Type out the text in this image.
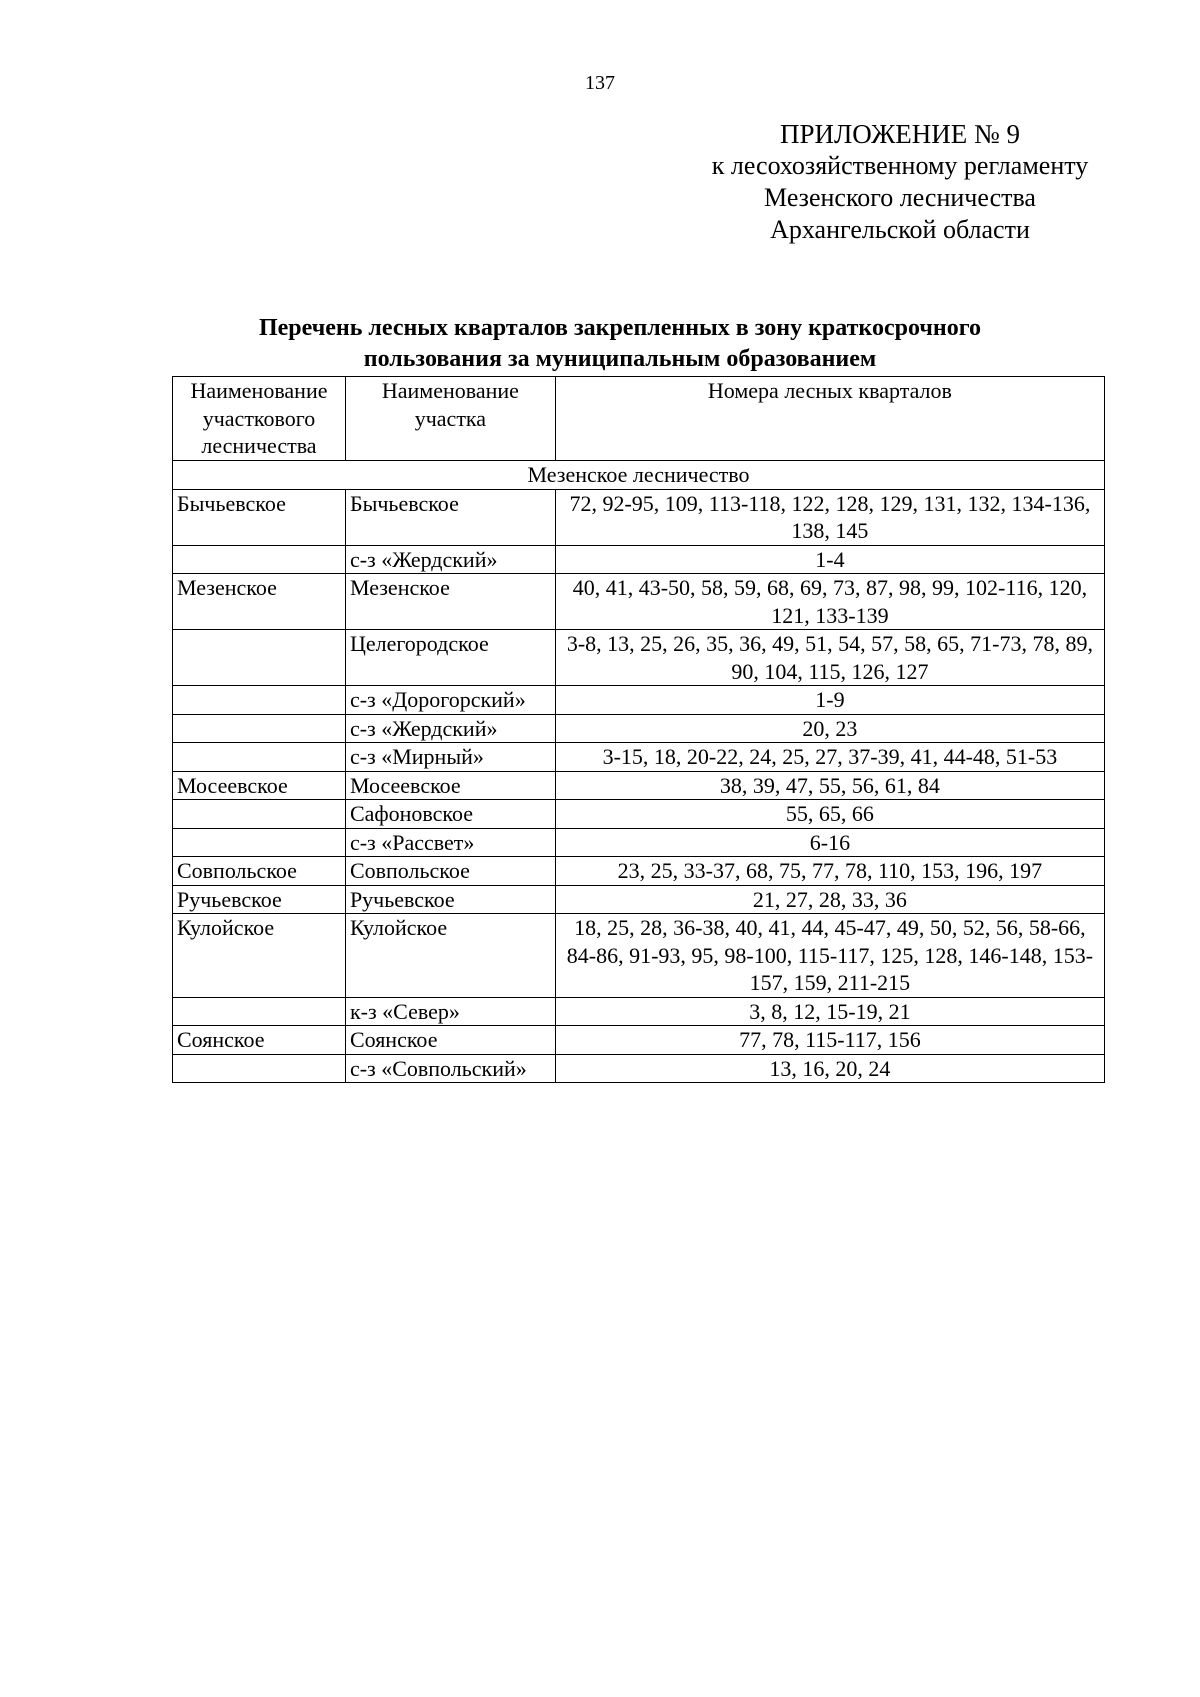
137
ПРИЛОЖЕНИЕ № 9
к лесохозяйственному регламенту
Мезенского лесничества
Архангельской области
Перечень лесных кварталов закрепленных в зону краткосрочного
пользования за муниципальным образованием
Наименование участкового лесничества	Наименование участка	Номера лесных кварталов
Мезенское лесничество		
Бычьевское	Бычьевское	72, 92-95, 109, 113-118, 122, 128, 129, 131, 132, 134-136, 138, 145
	с-з «Жердский»	1-4
Мезенское	Мезенское	40, 41, 43-50, 58, 59, 68, 69, 73, 87, 98, 99, 102-116, 120, 121, 133-139
	Целегородское	3-8, 13, 25, 26, 35, 36, 49, 51, 54, 57, 58, 65, 71-73, 78, 89, 90, 104, 115, 126, 127
	с-з «Дорогорский»	1-9
	с-з «Жердский»	20, 23
	с-з «Мирный»	3-15, 18, 20-22, 24, 25, 27, 37-39, 41, 44-48, 51-53
Мосеевское	Мосеевское	38, 39, 47, 55, 56, 61, 84
	Сафоновское	55, 65, 66
	с-з «Рассвет»	6-16
Совпольское	Совпольское	23, 25, 33-37, 68, 75, 77, 78, 110, 153, 196, 197
Ручьевское	Ручьевское	21, 27, 28, 33, 36
Кулойское	Кулойское	18, 25, 28, 36-38, 40, 41, 44, 45-47, 49, 50, 52, 56, 58-66, 84-86, 91-93, 95, 98-100, 115-117, 125, 128, 146-148, 153-157, 159, 211-215
	к-з «Север»	3, 8, 12, 15-19, 21
Соянское	Соянское	77, 78, 115-117, 156
	с-з «Совпольский»	13, 16, 20, 24
